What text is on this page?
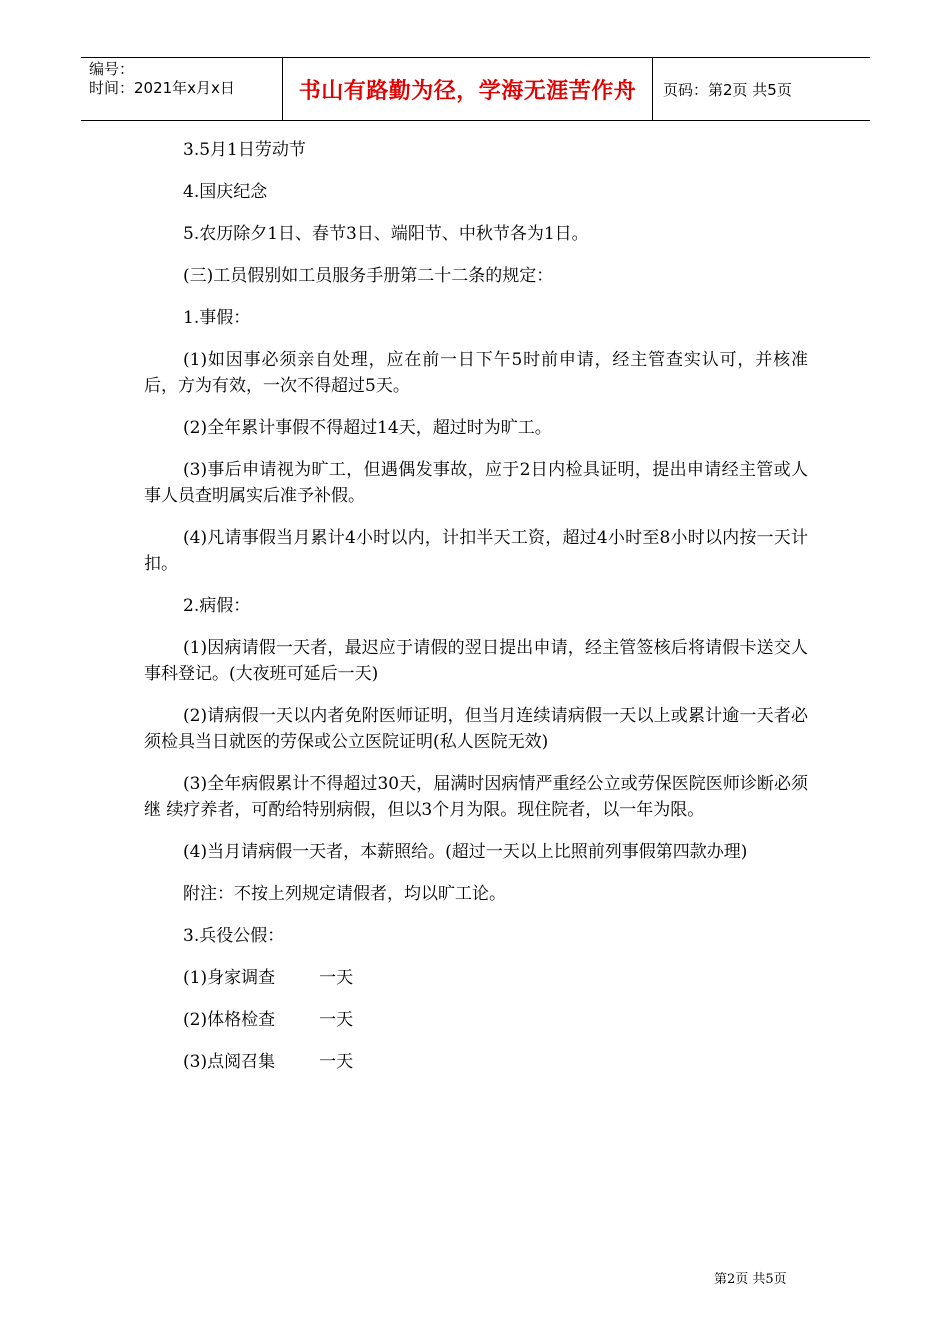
编号：
时间：2021年x月x日	书山有路勤为径，学海无涯苦作舟	页码：第2页 共5页

3.5月1日劳动节

4.国庆纪念

5.农历除夕1日、春节3日、端阳节、中秋节各为1日。

(三)工员假别如工员服务手册第二十二条的规定：

1.事假：

(1)如因事必须亲自处理，应在前一日下午5时前申请，经主管查实认可，并核准后，方为有效，一次不得超过5天。

(2)全年累计事假不得超过14天，超过时为旷工。

(3)事后申请视为旷工，但遇偶发事故，应于2日内检具证明，提出申请经主管或人事人员查明属实后准予补假。

(4)凡请事假当月累计4小时以内，计扣半天工资，超过4小时至8小时以内按一天计扣。

2.病假：

(1)因病请假一天者，最迟应于请假的翌日提出申请，经主管签核后将请假卡送交人事科登记。(大夜班可延后一天)

(2)请病假一天以内者免附医师证明，但当月连续请病假一天以上或累计逾一天者必须检具当日就医的劳保或公立医院证明(私人医院无效)

(3)全年病假累计不得超过30天，届满时因病情严重经公立或劳保医院医师诊断必须继 续疗养者，可酌给特别病假，但以3个月为限。现住院者，以一年为限。

(4)当月请病假一天者，本薪照给。(超过一天以上比照前列事假第四款办理)

附注：不按上列规定请假者，均以旷工论。

3.兵役公假：

(1)身家调查	一天
(2)体格检查	一天
(3)点阅召集	一天
第2页 共5页
